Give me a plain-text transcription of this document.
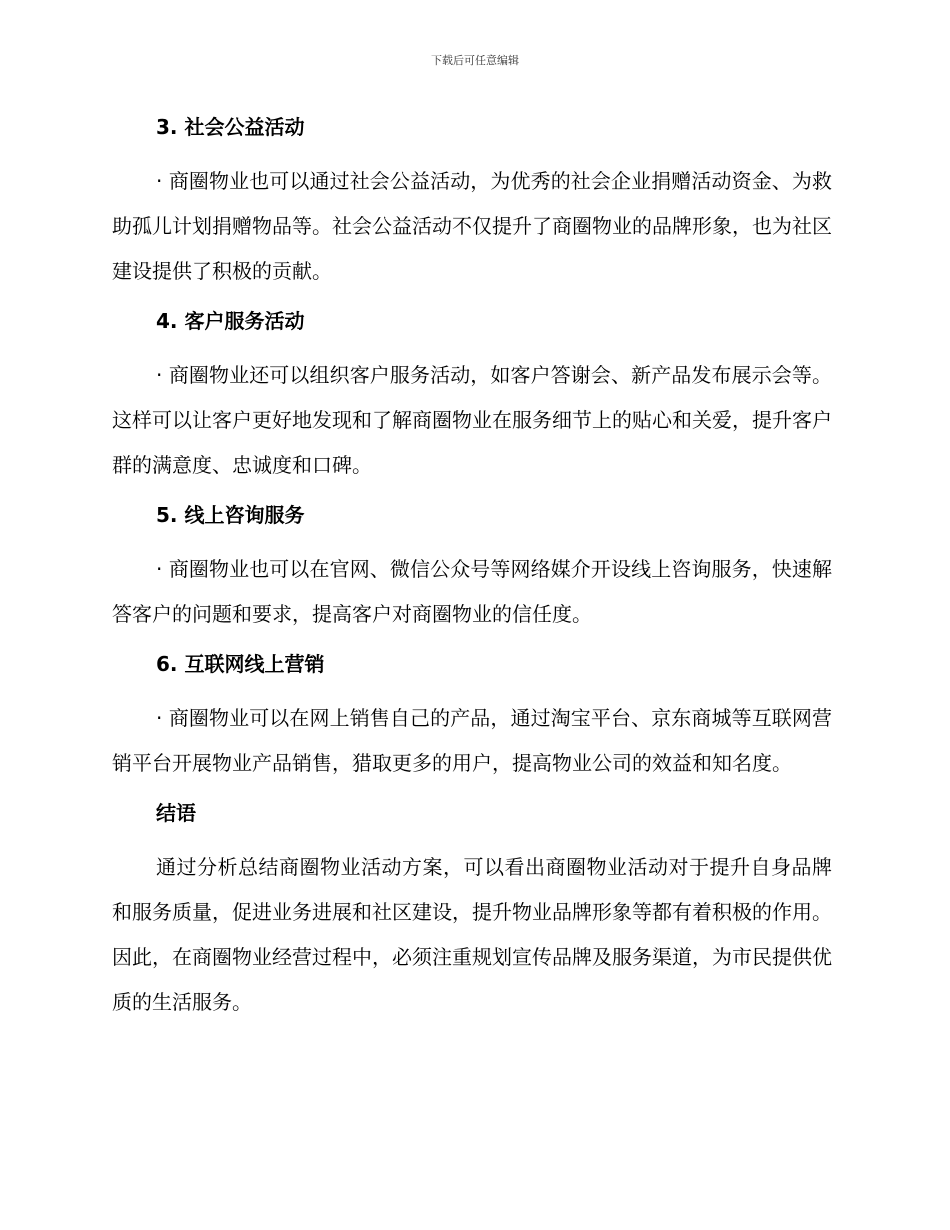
下载后可任意编辑
3. 社会公益活动

· 商圈物业也可以通过社会公益活动，为优秀的社会企业捐赠活动资金、为救助孤儿计划捐赠物品等。社会公益活动不仅提升了商圈物业的品牌形象，也为社区建设提供了积极的贡献。

4. 客户服务活动

· 商圈物业还可以组织客户服务活动，如客户答谢会、新产品发布展示会等。这样可以让客户更好地发现和了解商圈物业在服务细节上的贴心和关爱，提升客户群的满意度、忠诚度和口碑。

5. 线上咨询服务

· 商圈物业也可以在官网、微信公众号等网络媒介开设线上咨询服务，快速解答客户的问题和要求，提高客户对商圈物业的信任度。

6. 互联网线上营销

· 商圈物业可以在网上销售自己的产品，通过淘宝平台、京东商城等互联网营销平台开展物业产品销售，猎取更多的用户，提高物业公司的效益和知名度。

结语

通过分析总结商圈物业活动方案，可以看出商圈物业活动对于提升自身品牌和服务质量，促进业务进展和社区建设，提升物业品牌形象等都有着积极的作用。因此，在商圈物业经营过程中，必须注重规划宣传品牌及服务渠道，为市民提供优质的生活服务。
